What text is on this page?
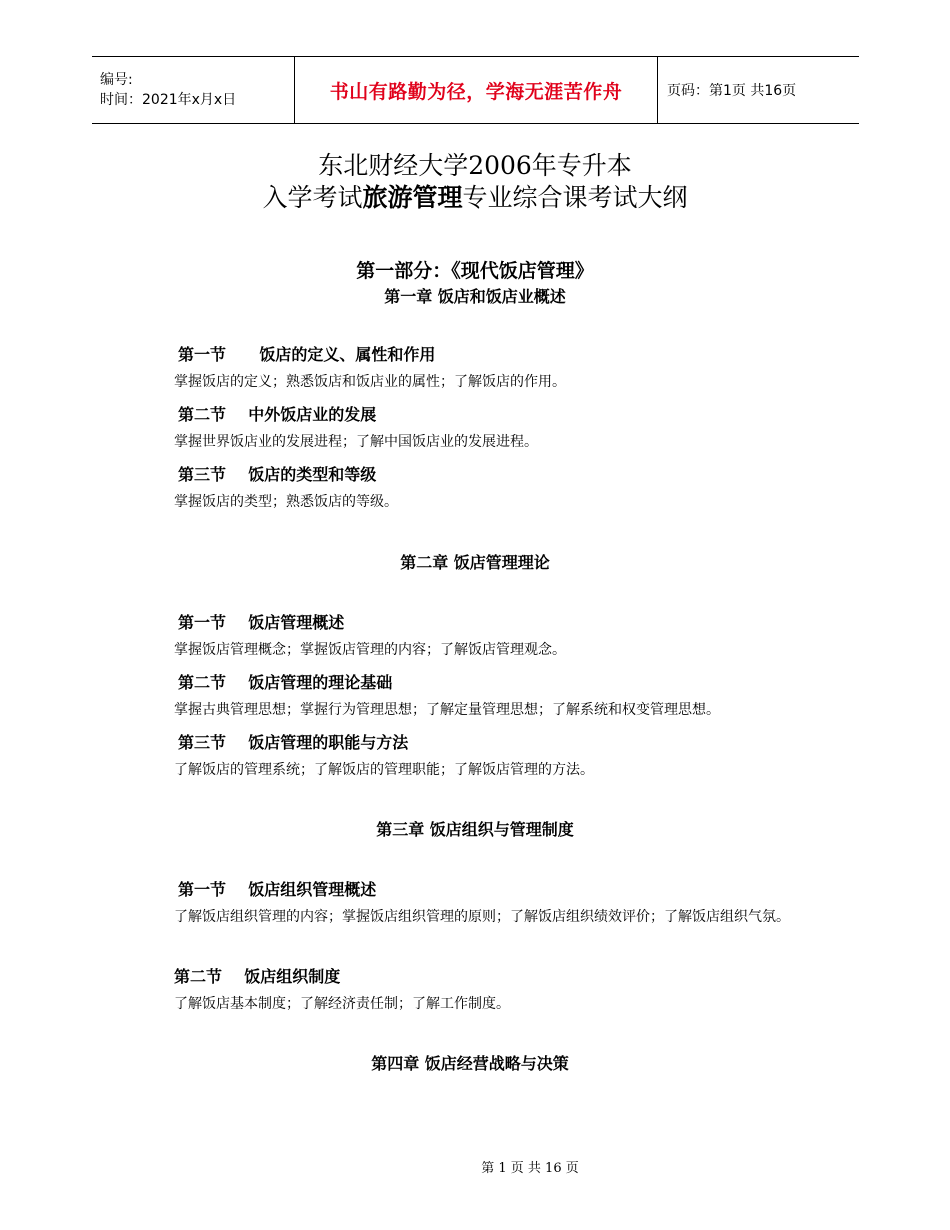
编号:
时间：2021年x月x日	书山有路勤为径，学海无涯苦作舟	页码：第1页 共16页
东北财经大学2006年专升本
入学考试旅游管理专业综合课考试大纲
第一部分：《现代饭店管理》
第一章 饭店和饭店业概述
第一节      饭店的定义、属性和作用
掌握饭店的定义；熟悉饭店和饭店业的属性；了解饭店的作用。
第二节    中外饭店业的发展
掌握世界饭店业的发展进程；了解中国饭店业的发展进程。
第三节    饭店的类型和等级
掌握饭店的类型；熟悉饭店的等级。
第二章 饭店管理理论
第一节    饭店管理概述
掌握饭店管理概念；掌握饭店管理的内容；了解饭店管理观念。
第二节    饭店管理的理论基础
掌握古典管理思想；掌握行为管理思想；了解定量管理思想；了解系统和权变管理思想。
第三节    饭店管理的职能与方法
了解饭店的管理系统；了解饭店的管理职能；了解饭店管理的方法。
第三章 饭店组织与管理制度
第一节    饭店组织管理概述
了解饭店组织管理的内容；掌握饭店组织管理的原则；了解饭店组织绩效评价；了解饭店组织气氛。
第二节    饭店组织制度
了解饭店基本制度；了解经济责任制；了解工作制度。
第四章 饭店经营战略与决策
第 1 页 共 16 页
